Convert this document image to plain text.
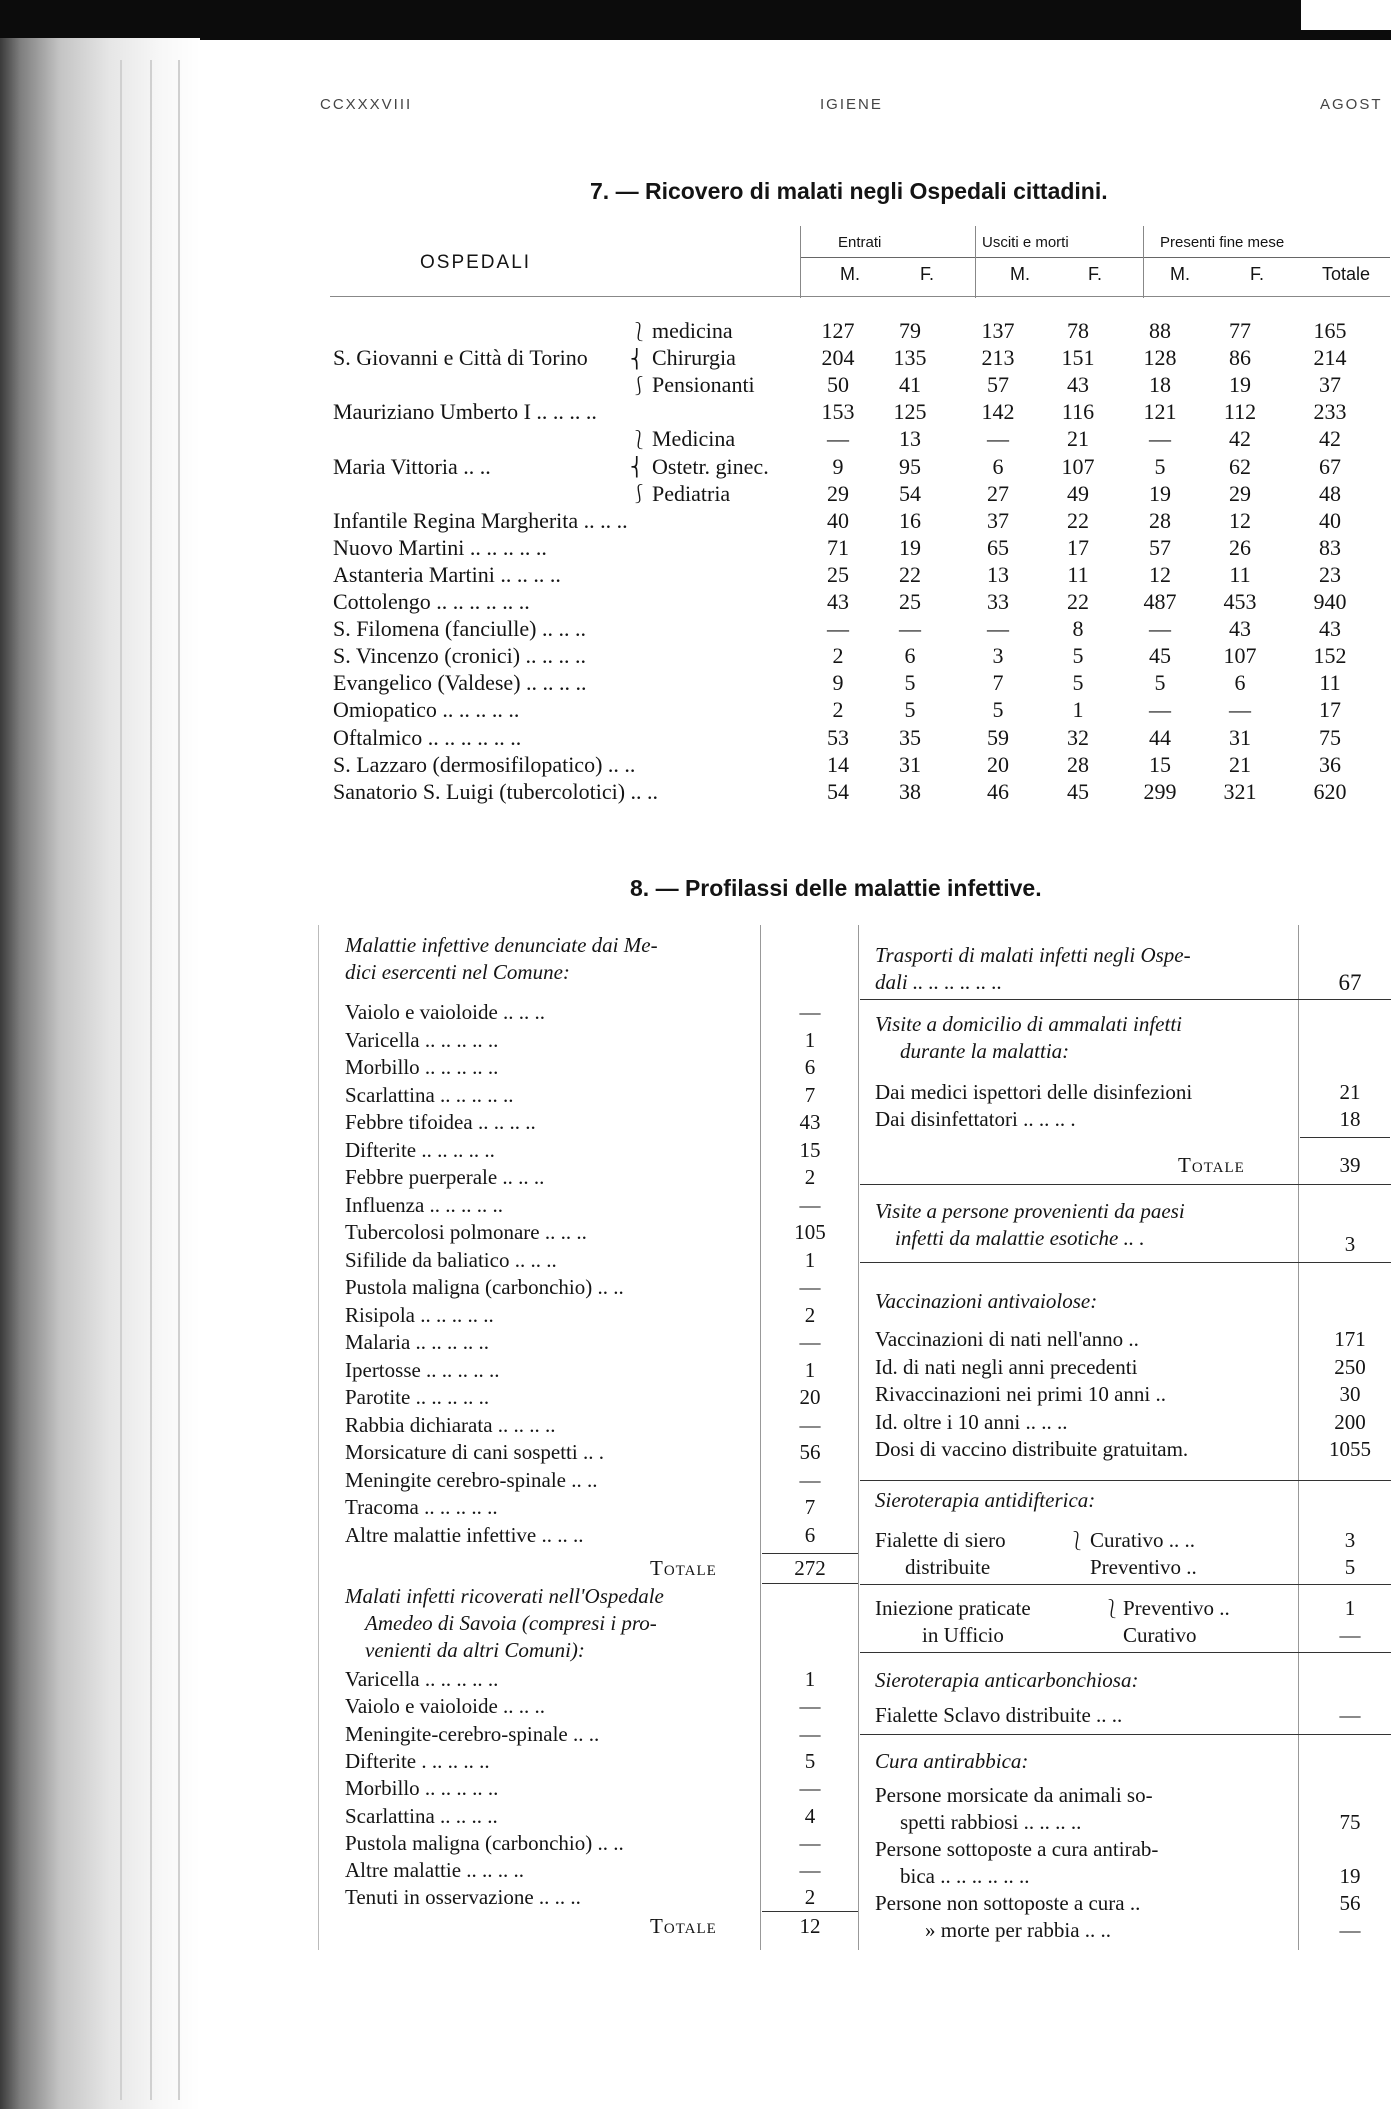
CCXXXVIII	IGIENE	AGOST
7. — Ricovero di malati negli Ospedali cittadini.
OSPEDALI
Entrati	Usciti e morti	Presenti fine mese
M.	F.	M.	F.	M.	F.	Totale
medicina	127	79	137	78	88	77	165
S. Giovanni e Città di Torino	Chirurgia	204	135	213	151	128	86	214
Pensionanti	50	41	57	43	18	19	37
Mauriziano Umberto I .. .. .. ..	153	125	142	116	121	112	233
Medicina	—	13	—	21	—	42	42
Maria Vittoria .. ..	Ostetr. ginec.	9	95	6	107	5	62	67
Pediatria	29	54	27	49	19	29	48
Infantile Regina Margherita .. .. ..	40	16	37	22	28	12	40
Nuovo Martini .. .. .. .. ..	71	19	65	17	57	26	83
Astanteria Martini .. .. .. ..	25	22	13	11	12	11	23
Cottolengo .. .. .. .. .. ..	43	25	33	22	487	453	940
S. Filomena (fanciulle) .. .. ..	—	—	—	8	—	43	43
S. Vincenzo (cronici) .. .. .. ..	2	6	3	5	45	107	152
Evangelico (Valdese) .. .. .. ..	9	5	7	5	5	6	11
Omiopatico .. .. .. .. ..	2	5	5	1	—	—	17
Oftalmico .. .. .. .. .. ..	53	35	59	32	44	31	75
S. Lazzaro (dermosifilopatico) .. ..	14	31	20	28	15	21	36
Sanatorio S. Luigi (tubercolotici) .. ..	54	38	46	45	299	321	620
⎱
⎨
⎰
⎱
⎨
⎰
8. — Profilassi delle malattie infettive.
Malattie infettive denunciate dai Me-
dici esercenti nel Comune:
Vaiolo e vaioloide .. .. ..	—
Varicella .. .. .. .. ..	1
Morbillo .. .. .. .. ..	6
Scarlattina .. .. .. .. ..	7
Febbre tifoidea .. .. .. ..	43
Difterite .. .. .. .. ..	15
Febbre puerperale .. .. ..	2
Influenza .. .. .. .. ..	—
Tubercolosi polmonare .. .. ..	105
Sifilide da baliatico .. .. ..	1
Pustola maligna (carbonchio) .. ..	—
Risipola .. .. .. .. ..	2
Malaria .. .. .. .. ..	—
Ipertosse .. .. .. .. ..	1
Parotite .. .. .. .. ..	20
Rabbia dichiarata .. .. .. ..	—
Morsicature di cani sospetti .. .	56
Meningite cerebro-spinale .. ..	—
Tracoma .. .. .. .. ..	7
Altre malattie infettive .. .. ..	6
Totale	272
Malati infetti ricoverati nell'Ospedale
Amedeo di Savoia (compresi i pro-
venienti da altri Comuni):
Varicella .. .. .. .. ..	1
Vaiolo e vaioloide .. .. ..	—
Meningite-cerebro-spinale .. ..	—
Difterite . .. .. .. ..	5
Morbillo .. .. .. .. ..	—
Scarlattina .. .. .. ..	4
Pustola maligna (carbonchio) .. ..	—
Altre malattie .. .. .. ..	—
Tenuti in osservazione .. .. ..	2
Totale	12
Trasporti di malati infetti negli Ospe-
dali .. .. .. .. .. ..	67
Visite a domicilio di ammalati infetti
durante la malattia:
Dai medici ispettori delle disinfezioni	21
Dai disinfettatori .. .. .. .	18
Totale	39
Visite a persone provenienti da paesi
infetti da malattie esotiche .. .	3
Vaccinazioni antivaiolose:
Vaccinazioni di nati nell'anno ..	171
Id. di nati negli anni precedenti	250
Rivaccinazioni nei primi 10 anni ..	30
Id. oltre i 10 anni .. .. ..	200
Dosi di vaccino distribuite gratuitam.	1055
Sieroterapia antidifterica:
Fialette di siero
distribuite
⎱ Curativo .. ..	3
Preventivo ..	5
Iniezione praticate
in Ufficio
⎱ Preventivo ..	1
Curativo	—
Sieroterapia anticarbonchiosa:
Fialette Sclavo distribuite .. ..	—
Cura antirabbica:
Persone morsicate da animali so-
spetti rabbiosi .. .. .. ..	75
Persone sottoposte a cura antirab-
bica .. .. .. .. .. ..	19
Persone non sottoposte a cura ..	56
» morte per rabbia .. ..	—
